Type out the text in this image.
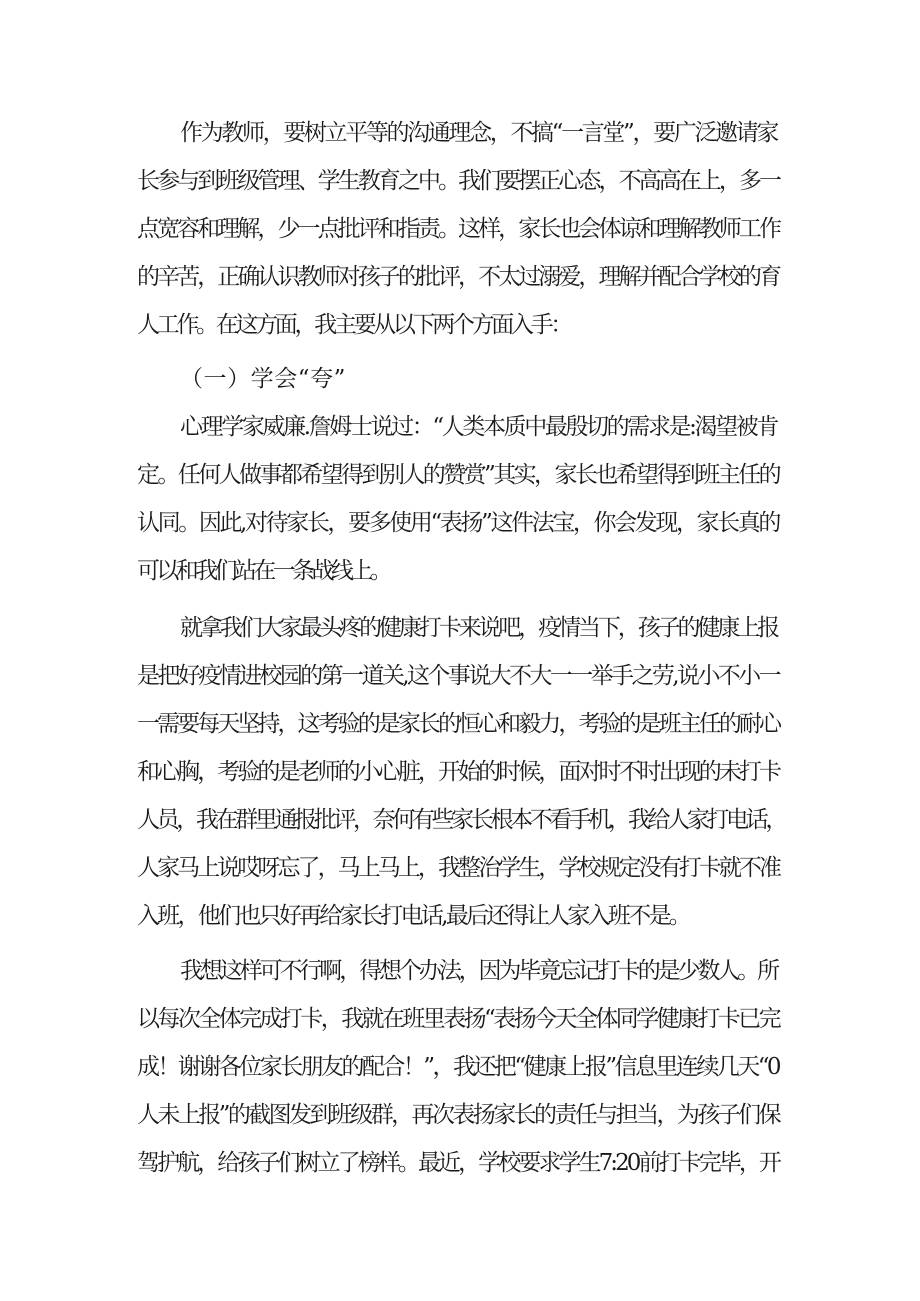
作为教师，要树立平等的沟通理念，不搞“一言堂”，要广泛邀请家
长参与到班级管理、学生教育之中。我们要摆正心态，不高高在上，多一
点宽容和理解，少一点批评和指责。这样，家长也会体谅和理解教师工作
的辛苦，正确认识教师对孩子的批评，不太过溺爱，理解并配合学校的育
人工作。在这方面，我主要从以下两个方面入手：
（一）学会“夸”
心理学家威廉.詹姆士说过：“人类本质中最殷切的需求是:渴望被肯
定。任何人做事都希望得到别人的赞赏”其实，家长也希望得到班主任的
认同。因此,对待家长，要多使用“表扬”这件法宝，你会发现，家长真的
可以和我们站在一条战线上。
就拿我们大家最头疼的健康打卡来说吧，疫情当下，孩子的健康上报
是把好疫情进校园的第一道关,这个事说大不大一一举手之劳,说小不小一
一需要每天坚持，这考验的是家长的恒心和毅力，考验的是班主任的耐心
和心胸，考验的是老师的小心脏，开始的时候，面对时不时出现的未打卡
人员，我在群里通报批评，奈何有些家长根本不看手机，我给人家打电话，
人家马上说哎呀忘了，马上马上，我整治学生，学校规定没有打卡就不准
入班，他们也只好再给家长打电话,最后还得让人家入班不是。
我想这样可不行啊，得想个办法，因为毕竟忘记打卡的是少数人。所
以每次全体完成打卡，我就在班里表扬“表扬今天全体同学健康打卡已完
成！谢谢各位家长朋友的配合！”，我还把“健康上报”信息里连续几天“0
人未上报”的截图发到班级群，再次表扬家长的责任与担当，为孩子们保
驾护航，给孩子们树立了榜样。最近，学校要求学生7:20前打卡完毕，开
